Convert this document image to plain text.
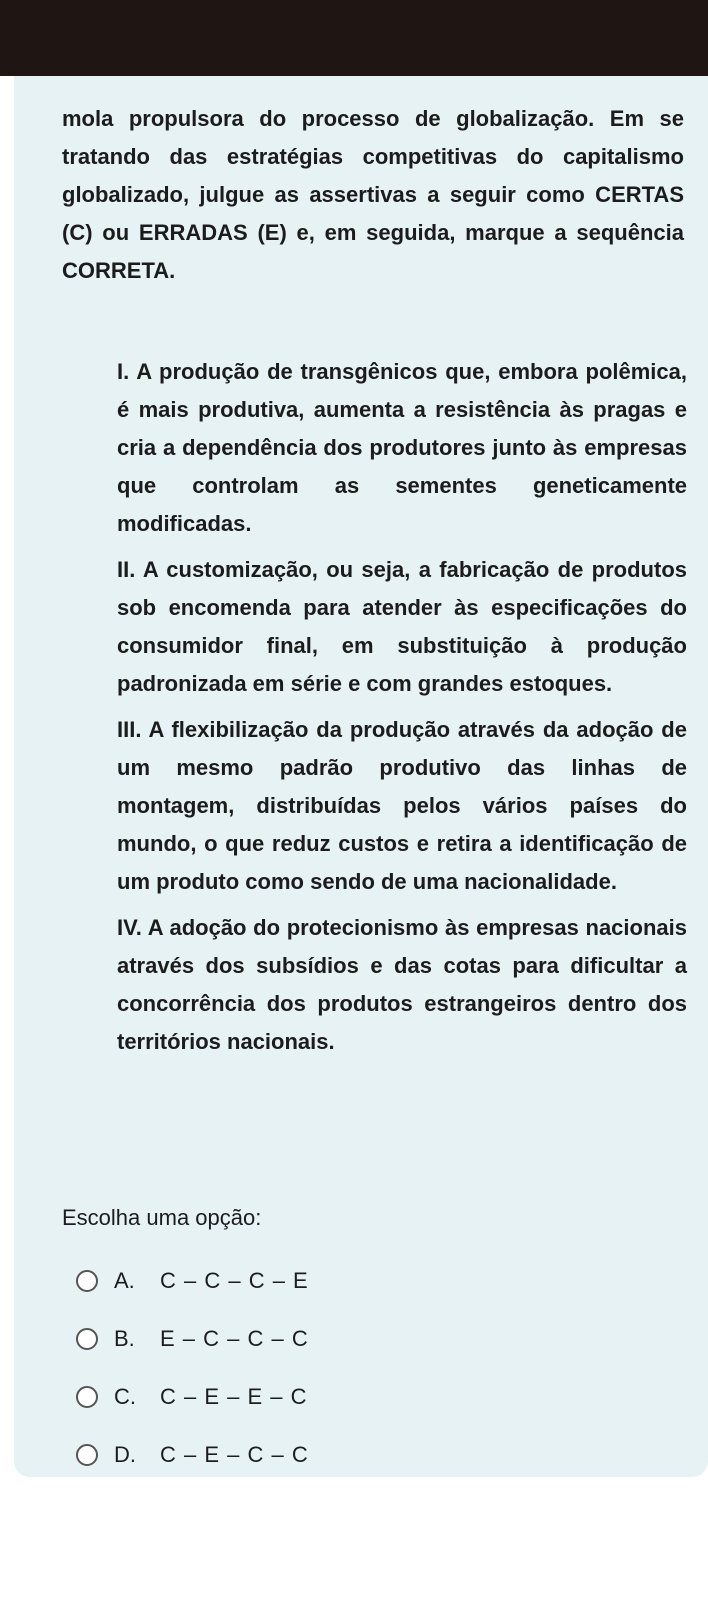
mola propulsora do processo de globalização. Em se tratando das estratégias competitivas do capitalismo globalizado, julgue as assertivas a seguir como CERTAS (C) ou ERRADAS (E) e, em seguida, marque a sequência CORRETA.

I. A produção de transgênicos que, embora polêmica, é mais produtiva, aumenta a resistência às pragas e cria a dependência dos produtores junto às empresas que controlam as sementes geneticamente modificadas.
II. A customização, ou seja, a fabricação de produtos sob encomenda para atender às especificações do consumidor final, em substituição à produção padronizada em série e com grandes estoques.
III. A flexibilização da produção através da adoção de um mesmo padrão produtivo das linhas de montagem, distribuídas pelos vários países do mundo, o que reduz custos e retira a identificação de um produto como sendo de uma nacionalidade.
IV. A adoção do protecionismo às empresas nacionais através dos subsídios e das cotas para dificultar a concorrência dos produtos estrangeiros dentro dos territórios nacionais.

Escolha uma opção:

A.	C – C – C – E
B.	E – C – C – C
C.	C – E – E – C
D.	C – E – C – C
